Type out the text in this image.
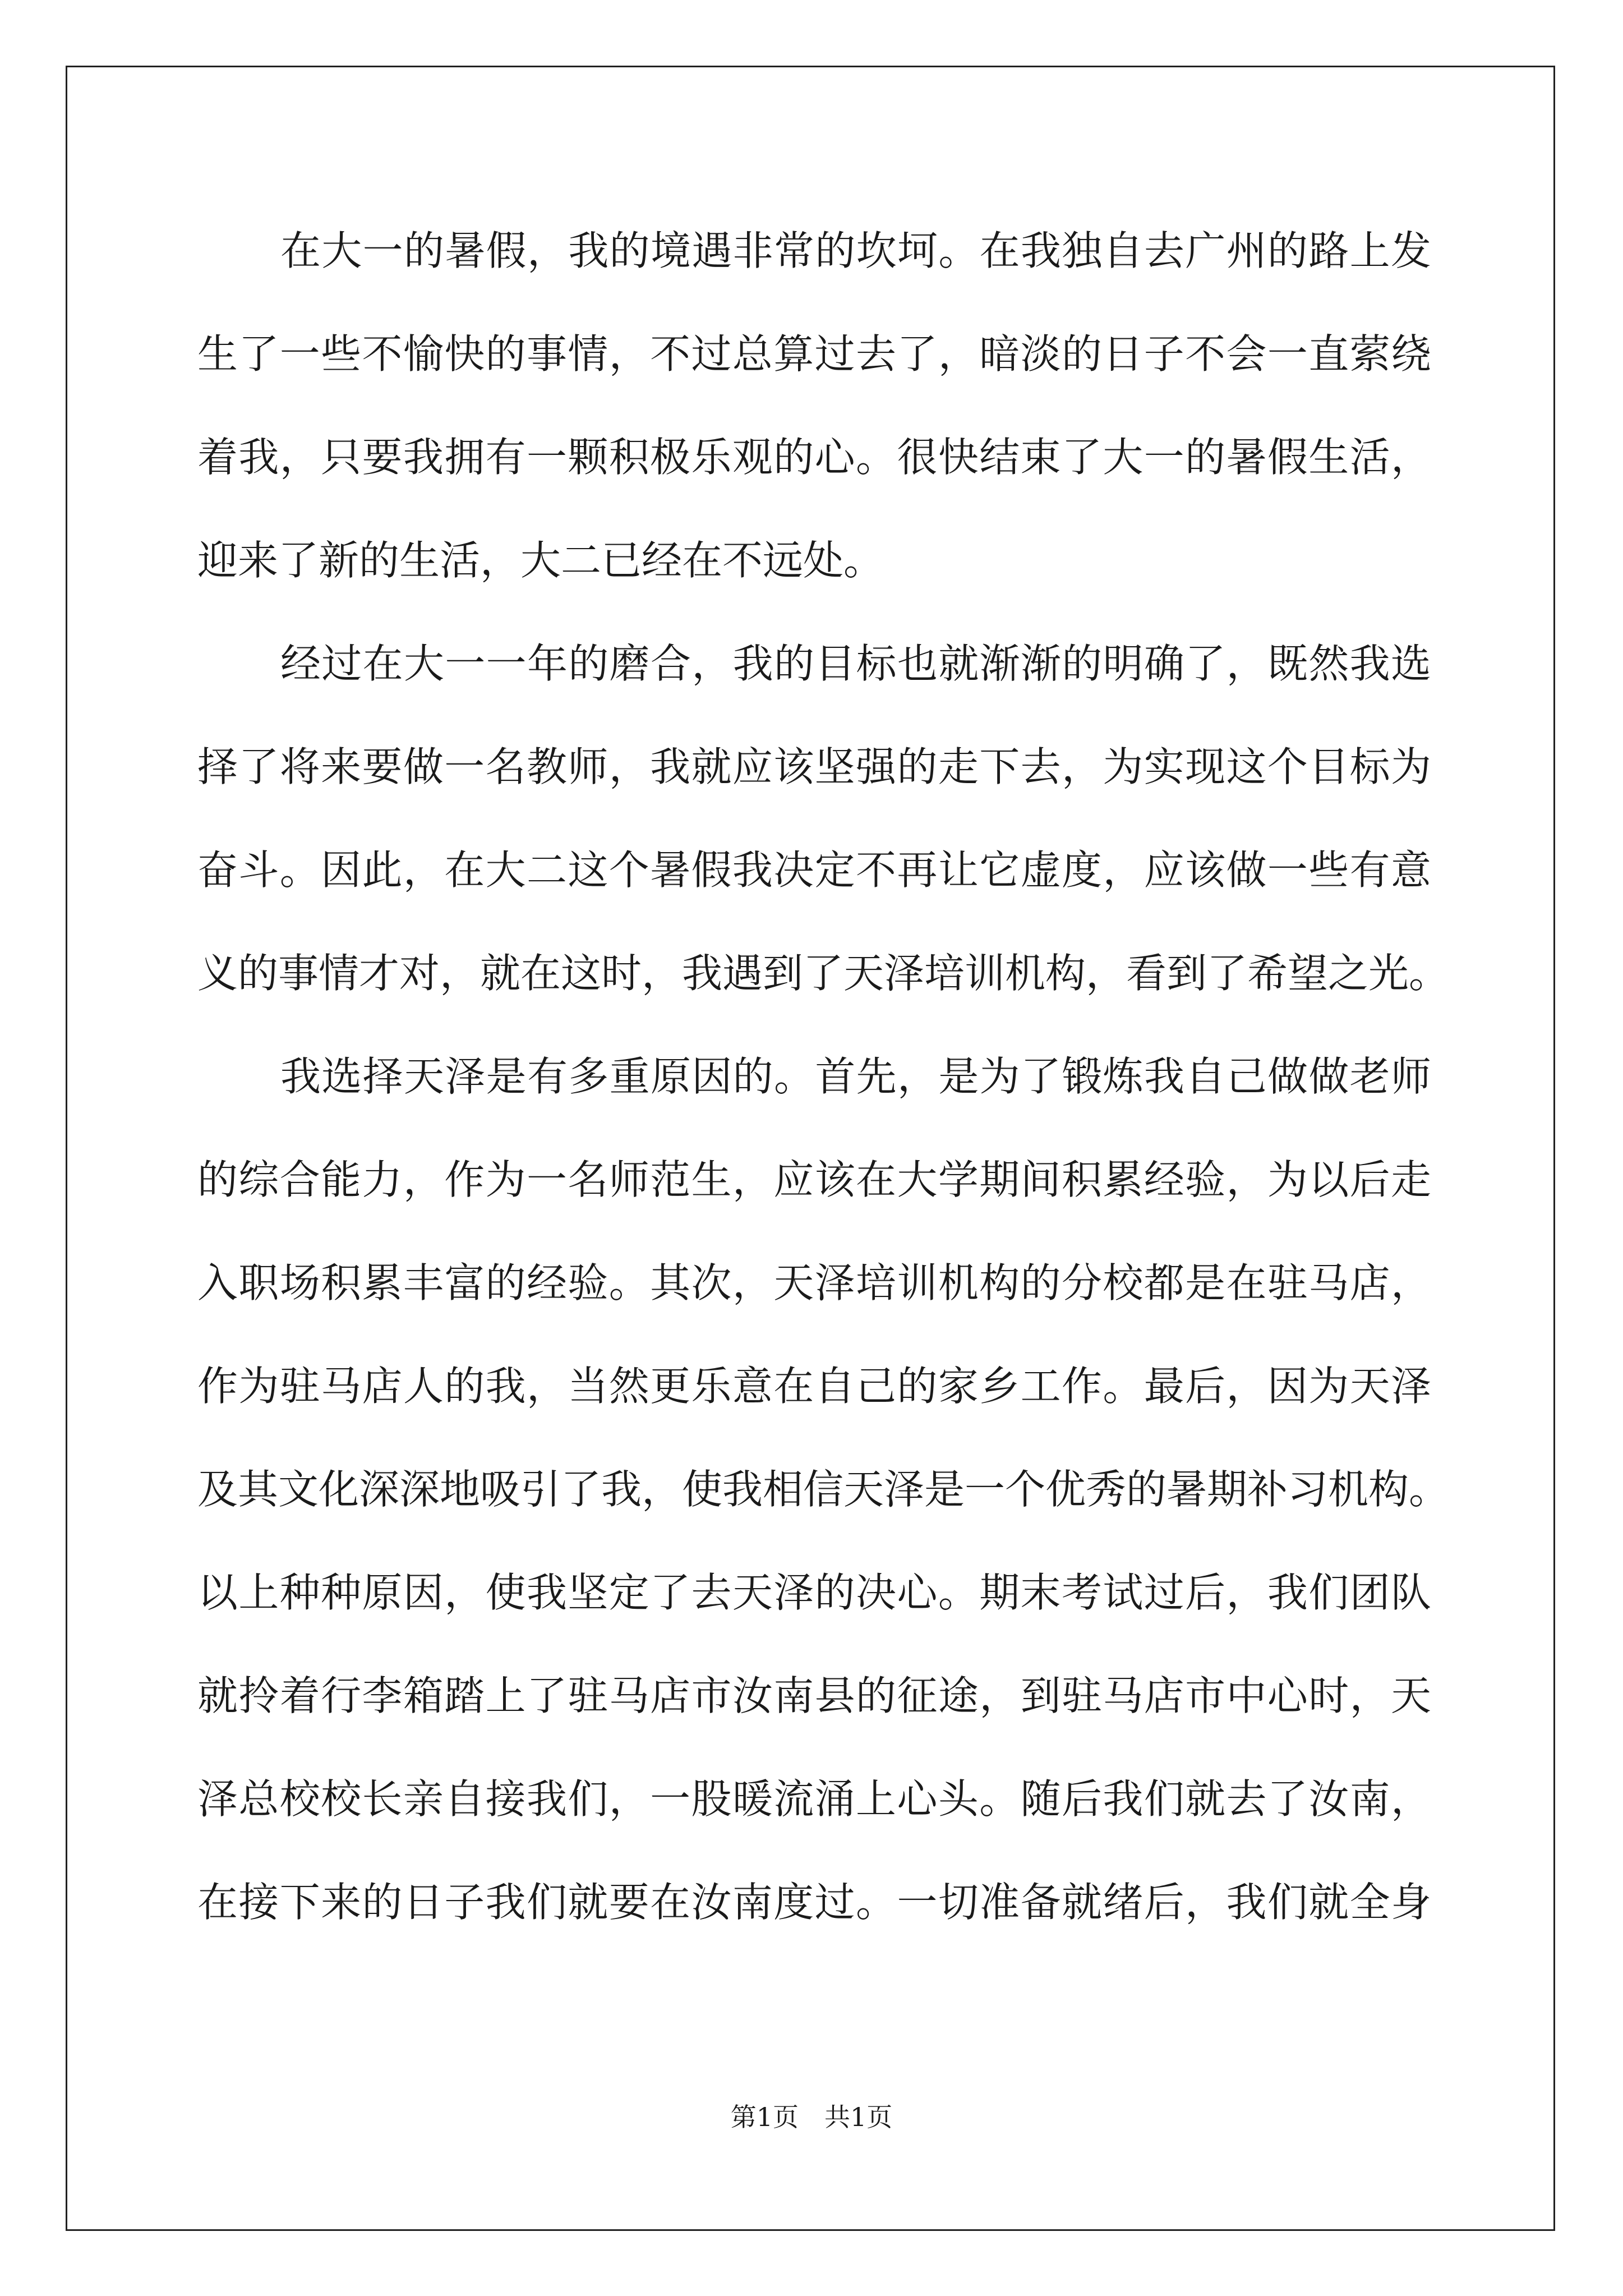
在大一的暑假，我的境遇非常的坎坷。在我独自去广州的路上发
生了一些不愉快的事情，不过总算过去了，暗淡的日子不会一直萦绕
着我，只要我拥有一颗积极乐观的心。很快结束了大一的暑假生活，
迎来了新的生活，大二已经在不远处。
经过在大一一年的磨合，我的目标也就渐渐的明确了，既然我选
择了将来要做一名教师，我就应该坚强的走下去，为实现这个目标为
奋斗。因此，在大二这个暑假我决定不再让它虚度，应该做一些有意
义的事情才对，就在这时，我遇到了天泽培训机构，看到了希望之光。
我选择天泽是有多重原因的。首先，是为了锻炼我自己做做老师
的综合能力，作为一名师范生，应该在大学期间积累经验，为以后走
入职场积累丰富的经验。其次，天泽培训机构的分校都是在驻马店，
作为驻马店人的我，当然更乐意在自己的家乡工作。最后，因为天泽
及其文化深深地吸引了我，使我相信天泽是一个优秀的暑期补习机构。
以上种种原因，使我坚定了去天泽的决心。期末考试过后，我们团队
就拎着行李箱踏上了驻马店市汝南县的征途，到驻马店市中心时，天
泽总校校长亲自接我们，一股暖流涌上心头。随后我们就去了汝南，
在接下来的日子我们就要在汝南度过。一切准备就绪后，我们就全身
第1页　共1页
